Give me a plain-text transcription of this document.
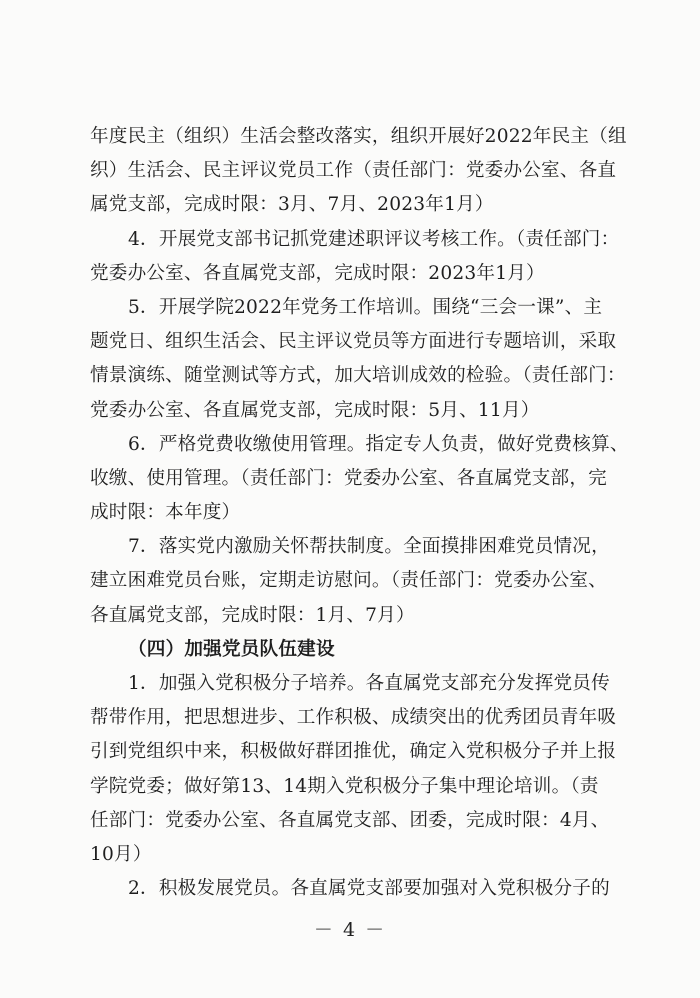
年度民主（组织）生活会整改落实，组织开展好2022年民主（组
织）生活会、民主评议党员工作（责任部门：党委办公室、各直
属党支部，完成时限：3月、7月、2023年1月）
4．开展党支部书记抓党建述职评议考核工作。（责任部门：
党委办公室、各直属党支部，完成时限：2023年1月）
5．开展学院2022年党务工作培训。围绕“三会一课”、主
题党日、组织生活会、民主评议党员等方面进行专题培训，采取
情景演练、随堂测试等方式，加大培训成效的检验。（责任部门：
党委办公室、各直属党支部，完成时限：5月、11月）
6．严格党费收缴使用管理。指定专人负责，做好党费核算、
收缴、使用管理。（责任部门：党委办公室、各直属党支部，完
成时限：本年度）
7．落实党内激励关怀帮扶制度。全面摸排困难党员情况，
建立困难党员台账，定期走访慰问。（责任部门：党委办公室、
各直属党支部，完成时限：1月、7月）
（四）加强党员队伍建设
1．加强入党积极分子培养。各直属党支部充分发挥党员传
帮带作用，把思想进步、工作积极、成绩突出的优秀团员青年吸
引到党组织中来，积极做好群团推优，确定入党积极分子并上报
学院党委；做好第13、14期入党积极分子集中理论培训。（责
任部门：党委办公室、各直属党支部、团委，完成时限：4月、
10月）
2．积极发展党员。各直属党支部要加强对入党积极分子的
－ 4 －
